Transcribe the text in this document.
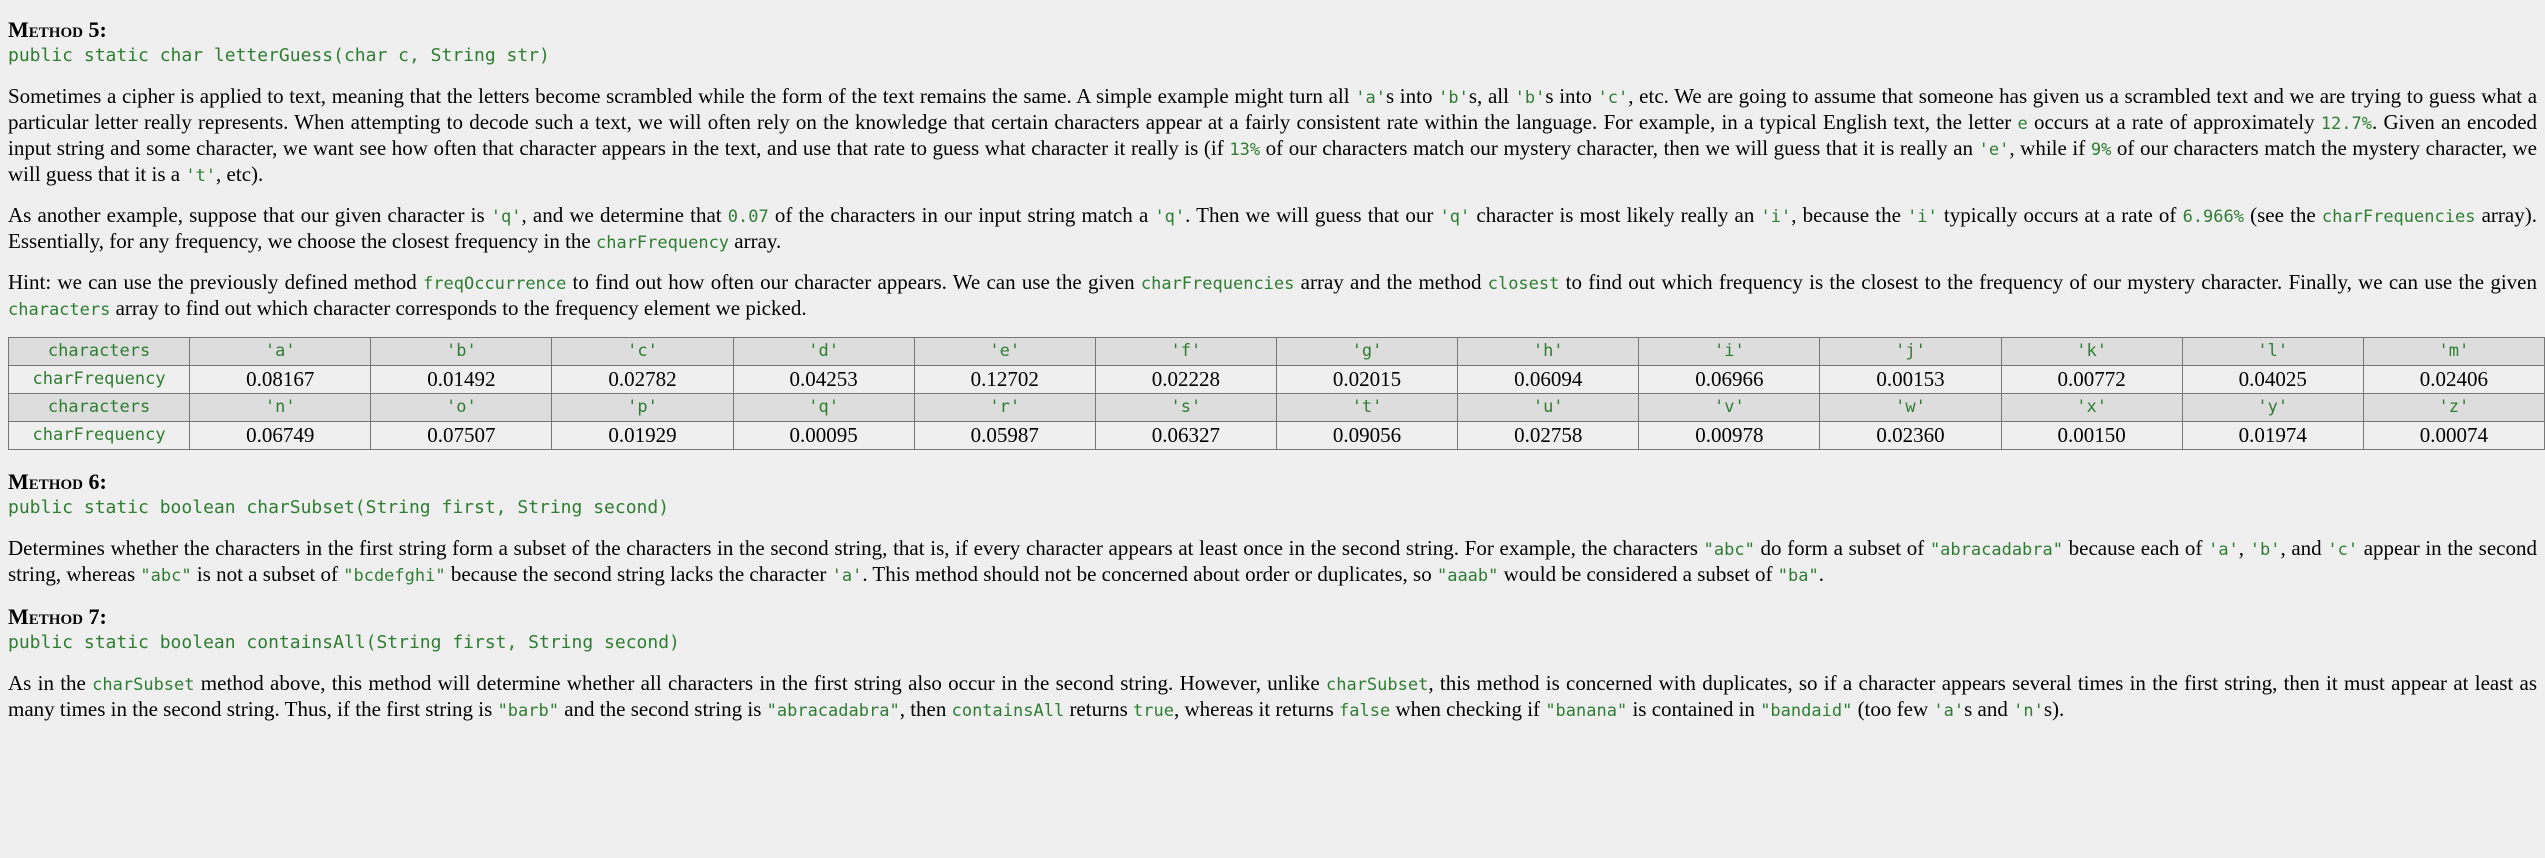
Method 5:
public static char letterGuess(char c, String str)

Sometimes a cipher is applied to text, meaning that the letters become scrambled while the form of the text remains the same. A simple example might turn all 'a's into 'b's, all 'b's into 'c', etc. We are going to assume that someone has given us a scrambled text and we are trying to guess what a particular letter really represents. When attempting to decode such a text, we will often rely on the knowledge that certain characters appear at a fairly consistent rate within the language. For example, in a typical English text, the letter e occurs at a rate of approximately 12.7%. Given an encoded input string and some character, we want see how often that character appears in the text, and use that rate to guess what character it really is (if 13% of our characters match our mystery character, then we will guess that it is really an 'e', while if 9% of our characters match the mystery character, we will guess that it is a 't', etc).

As another example, suppose that our given character is 'q', and we determine that 0.07 of the characters in our input string match a 'q'. Then we will guess that our 'q' character is most likely really an 'i', because the 'i' typically occurs at a rate of 6.966% (see the charFrequencies array). Essentially, for any frequency, we choose the closest frequency in the charFrequency array.

Hint: we can use the previously defined method freqOccurrence to find out how often our character appears. We can use the given charFrequencies array and the method closest to find out which frequency is the closest to the frequency of our mystery character. Finally, we can use the given characters array to find out which character corresponds to the frequency element we picked.

characters	'a'	'b'	'c'	'd'	'e'	'f'	'g'	'h'	'i'	'j'	'k'	'l'	'm'
charFrequency	0.08167	0.01492	0.02782	0.04253	0.12702	0.02228	0.02015	0.06094	0.06966	0.00153	0.00772	0.04025	0.02406
characters	'n'	'o'	'p'	'q'	'r'	's'	't'	'u'	'v'	'w'	'x'	'y'	'z'
charFrequency	0.06749	0.07507	0.01929	0.00095	0.05987	0.06327	0.09056	0.02758	0.00978	0.02360	0.00150	0.01974	0.00074
Method 6:
public static boolean charSubset(String first, String second)

Determines whether the characters in the first string form a subset of the characters in the second string, that is, if every character appears at least once in the second string. For example, the characters "abc" do form a subset of "abracadabra" because each of 'a', 'b', and 'c' appear in the second string, whereas "abc" is not a subset of "bcdefghi" because the second string lacks the character 'a'. This method should not be concerned about order or duplicates, so "aaab" would be considered a subset of "ba".

Method 7:
public static boolean containsAll(String first, String second)

As in the charSubset method above, this method will determine whether all characters in the first string also occur in the second string. However, unlike charSubset, this method is concerned with duplicates, so if a character appears several times in the first string, then it must appear at least as many times in the second string. Thus, if the first string is "barb" and the second string is "abracadabra", then containsAll returns true, whereas it returns false when checking if "banana" is contained in "bandaid" (too few 'a's and 'n's).
